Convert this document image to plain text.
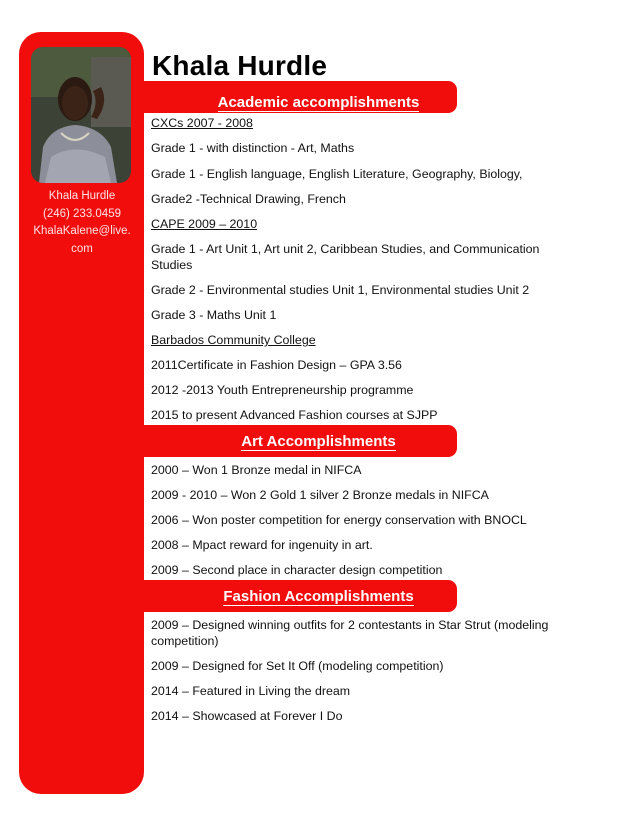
Khala Hurdle
(246) 233.0459
KhalaKalene@live.
com
Khala Hurdle
Academic accomplishments
CXCs 2007 - 2008
Grade 1 - with distinction - Art, Maths
Grade 1 - English language, English Literature, Geography, Biology,
Grade2 -Technical Drawing, French
CAPE 2009 – 2010
Grade 1 - Art Unit 1, Art unit 2, Caribbean Studies, and Communication Studies
Grade 2 - Environmental studies Unit 1, Environmental studies Unit 2
Grade 3 - Maths Unit 1
Barbados Community College
2011Certificate in Fashion Design – GPA 3.56
2012 -2013 Youth Entrepreneurship programme
2015 to present Advanced Fashion courses at SJPP
Art Accomplishments
2000 – Won 1 Bronze medal in NIFCA
2009 - 2010 – Won 2 Gold 1 silver 2 Bronze medals in NIFCA
2006 – Won poster competition for energy conservation with BNOCL
2008 – Mpact reward for ingenuity in art.
2009 – Second place in character design competition
Fashion Accomplishments
2009 – Designed winning outfits for 2 contestants in Star Strut (modeling competition)
2009 – Designed for Set It Off (modeling competition)
2014 – Featured in Living the dream
2014 – Showcased at Forever I Do
